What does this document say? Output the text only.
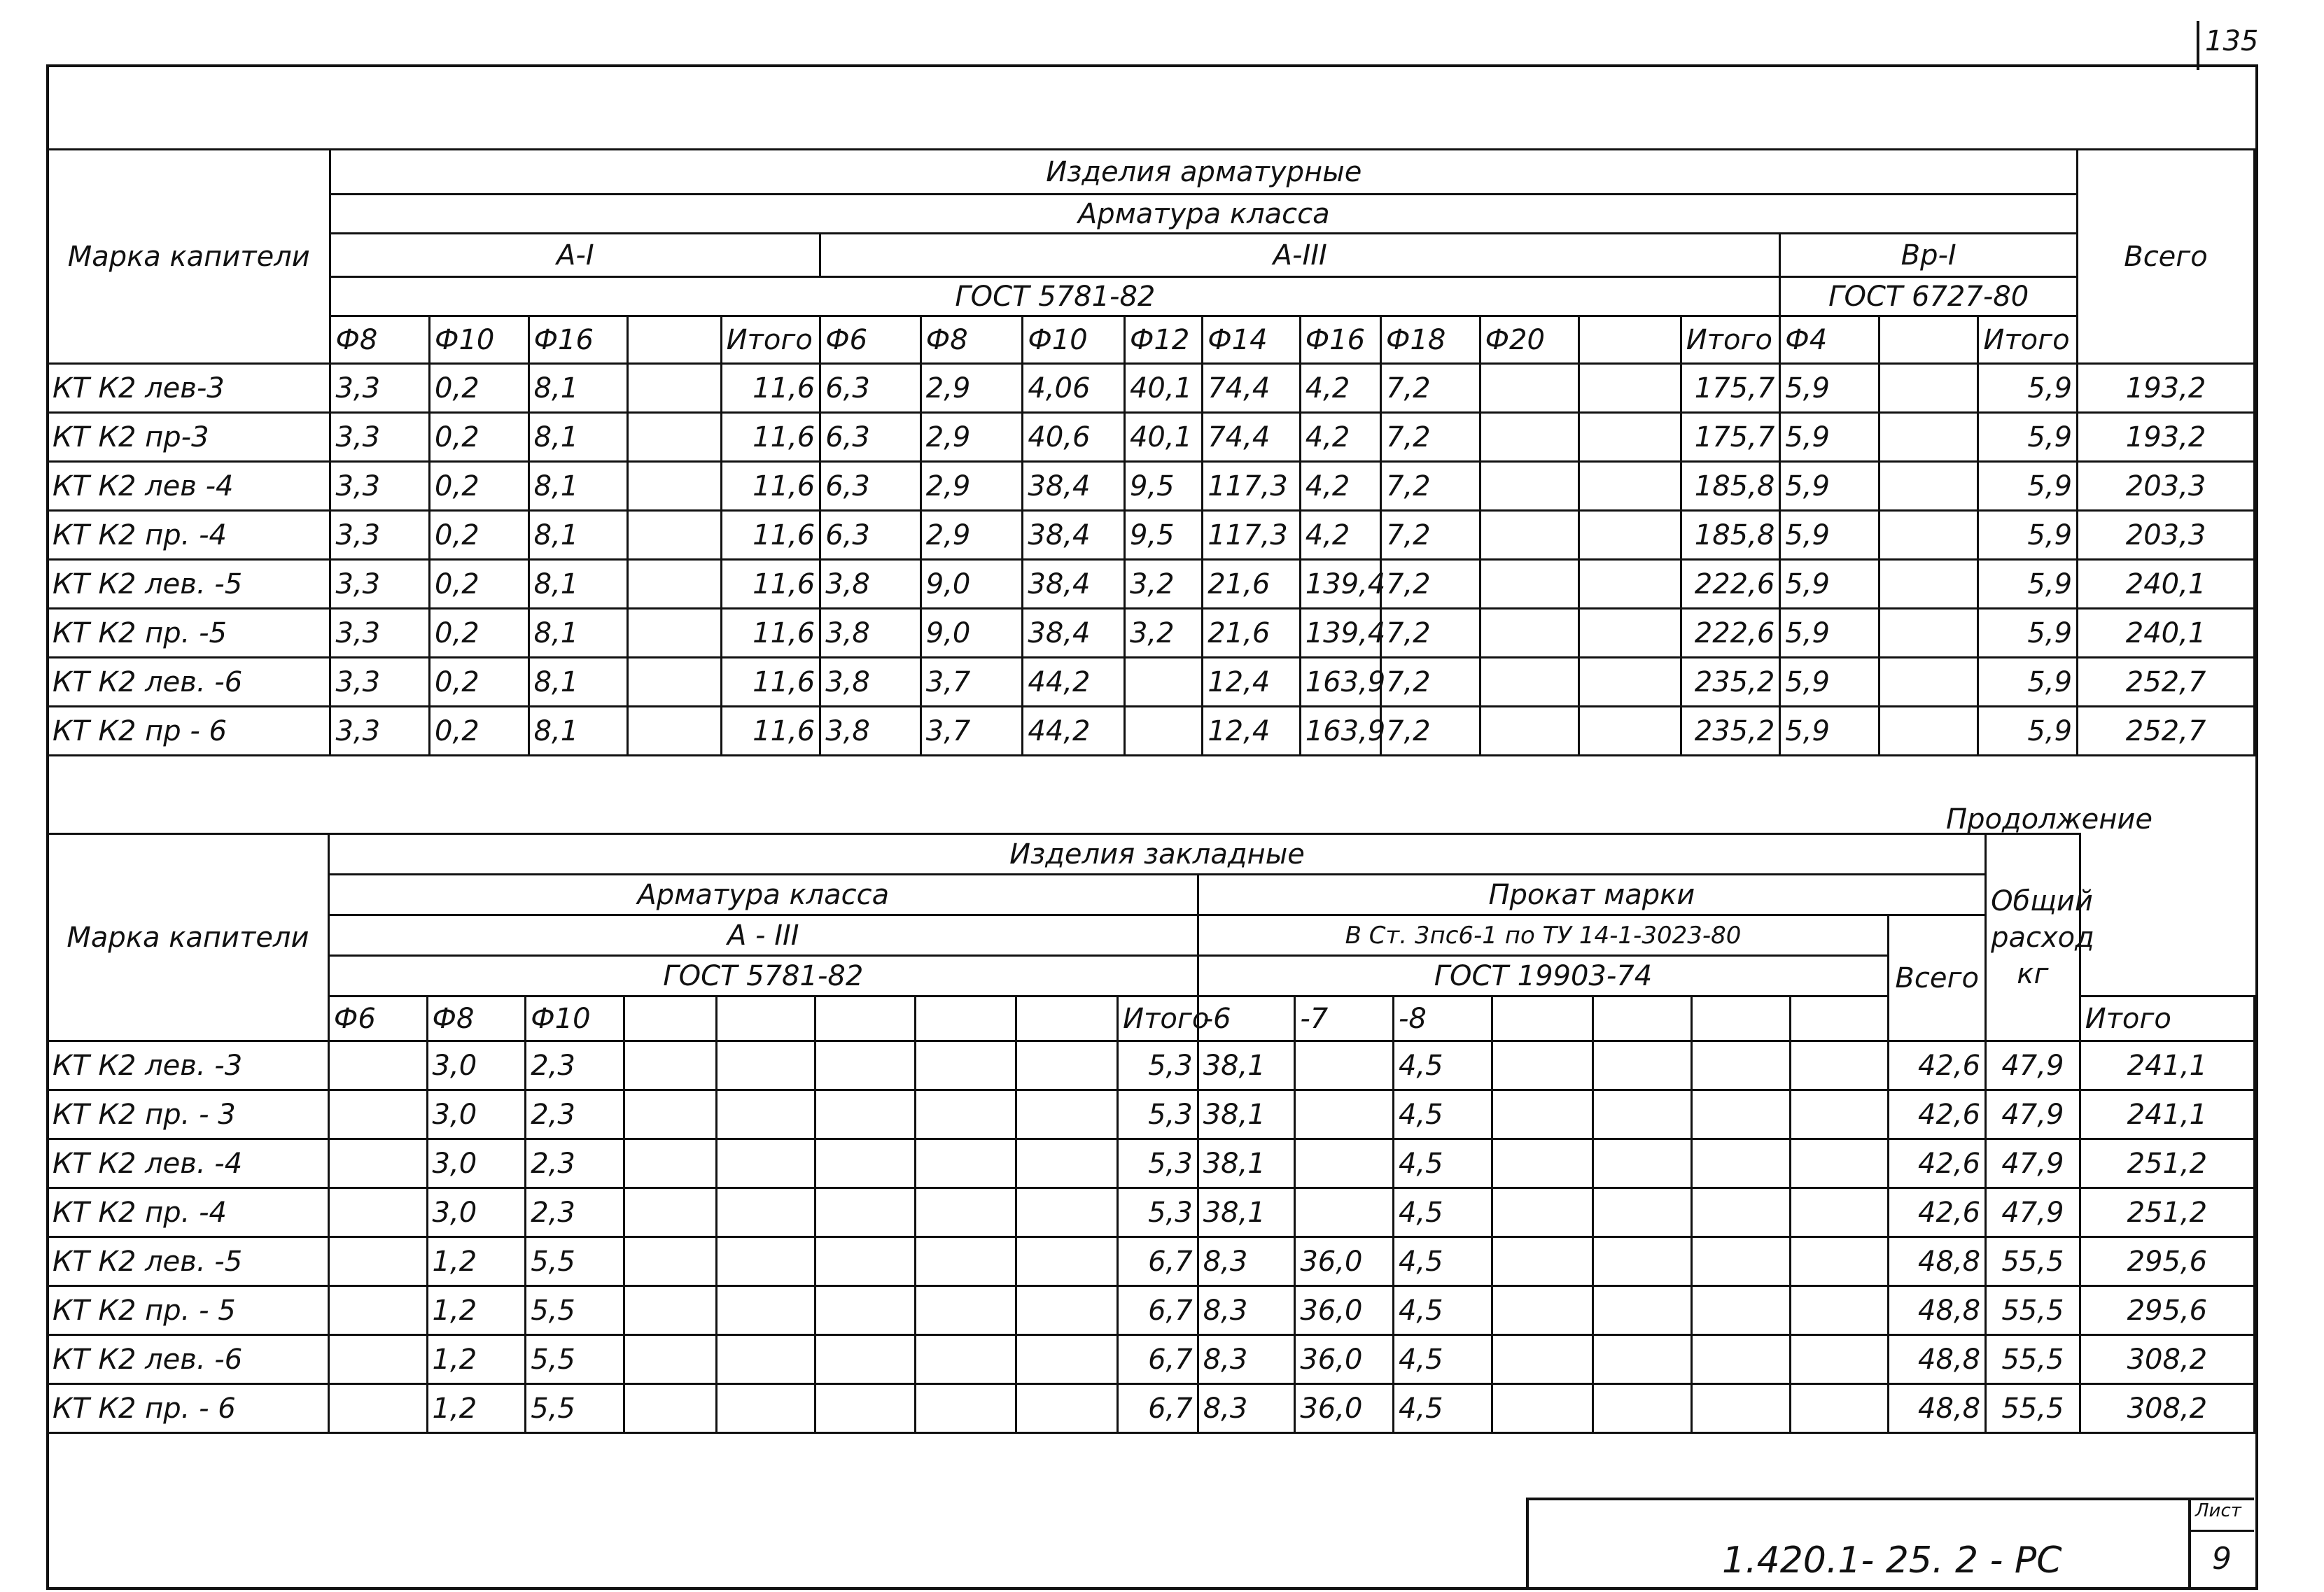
135
Марка капители	Изделия арматурные																		Всего
	Арматура класса																		
	А-I					А-III										Вр-I			
	ГОСТ 5781-82															ГОСТ 6727-80			
	Ф8	Ф10	Ф16		Итого	Ф6	Ф8	Ф10	Ф12	Ф14	Ф16	Ф18	Ф20		Итого	Ф4		Итого	
КТ К2 лев-3	3,3	0,2	8,1		11,6	6,3	2,9	4,06	40,1	74,4	4,2	7,2			175,7	5,9		5,9	193,2
КТ К2 пр-3	3,3	0,2	8,1		11,6	6,3	2,9	40,6	40,1	74,4	4,2	7,2			175,7	5,9		5,9	193,2
КТ К2 лев -4	3,3	0,2	8,1		11,6	6,3	2,9	38,4	9,5	117,3	4,2	7,2			185,8	5,9		5,9	203,3
КТ К2 пр. -4	3,3	0,2	8,1		11,6	6,3	2,9	38,4	9,5	117,3	4,2	7,2			185,8	5,9		5,9	203,3
КТ К2 лев. -5	3,3	0,2	8,1		11,6	3,8	9,0	38,4	3,2	21,6	139,4	7,2			222,6	5,9		5,9	240,1
КТ К2 пр. -5	3,3	0,2	8,1		11,6	3,8	9,0	38,4	3,2	21,6	139,4	7,2			222,6	5,9		5,9	240,1
КТ К2 лев. -6	3,3	0,2	8,1		11,6	3,8	3,7	44,2		12,4	163,9	7,2			235,2	5,9		5,9	252,7
КТ К2 пр - 6	3,3	0,2	8,1		11,6	3,8	3,7	44,2		12,4	163,9	7,2			235,2	5,9		5,9	252,7
Продолжение
Марка капители	Изделия закладные																	Общий расход кг	
	Арматура класса									Прокат марки									
	А - III									В Ст. 3пс6-1 по ТУ 14-1-3023-80							Всего		
	ГОСТ 5781-82									ГОСТ 19903-74									
	Ф6	Ф8	Ф10						Итого	-6	-7	-8							Итого
КТ К2 лев. -3		3,0	2,3						5,3	38,1		4,5					42,6	47,9	241,1
КТ К2 пр. - 3		3,0	2,3						5,3	38,1		4,5					42,6	47,9	241,1
КТ К2 лев. -4		3,0	2,3						5,3	38,1		4,5					42,6	47,9	251,2
КТ К2 пр. -4		3,0	2,3						5,3	38,1		4,5					42,6	47,9	251,2
КТ К2 лев. -5		1,2	5,5						6,7	8,3	36,0	4,5					48,8	55,5	295,6
КТ К2 пр. - 5		1,2	5,5						6,7	8,3	36,0	4,5					48,8	55,5	295,6
КТ К2 лев. -6		1,2	5,5						6,7	8,3	36,0	4,5					48,8	55,5	308,2
КТ К2 пр. - 6		1,2	5,5						6,7	8,3	36,0	4,5					48,8	55,5	308,2
1.420.1- 25. 2 - РС
Лист
9
